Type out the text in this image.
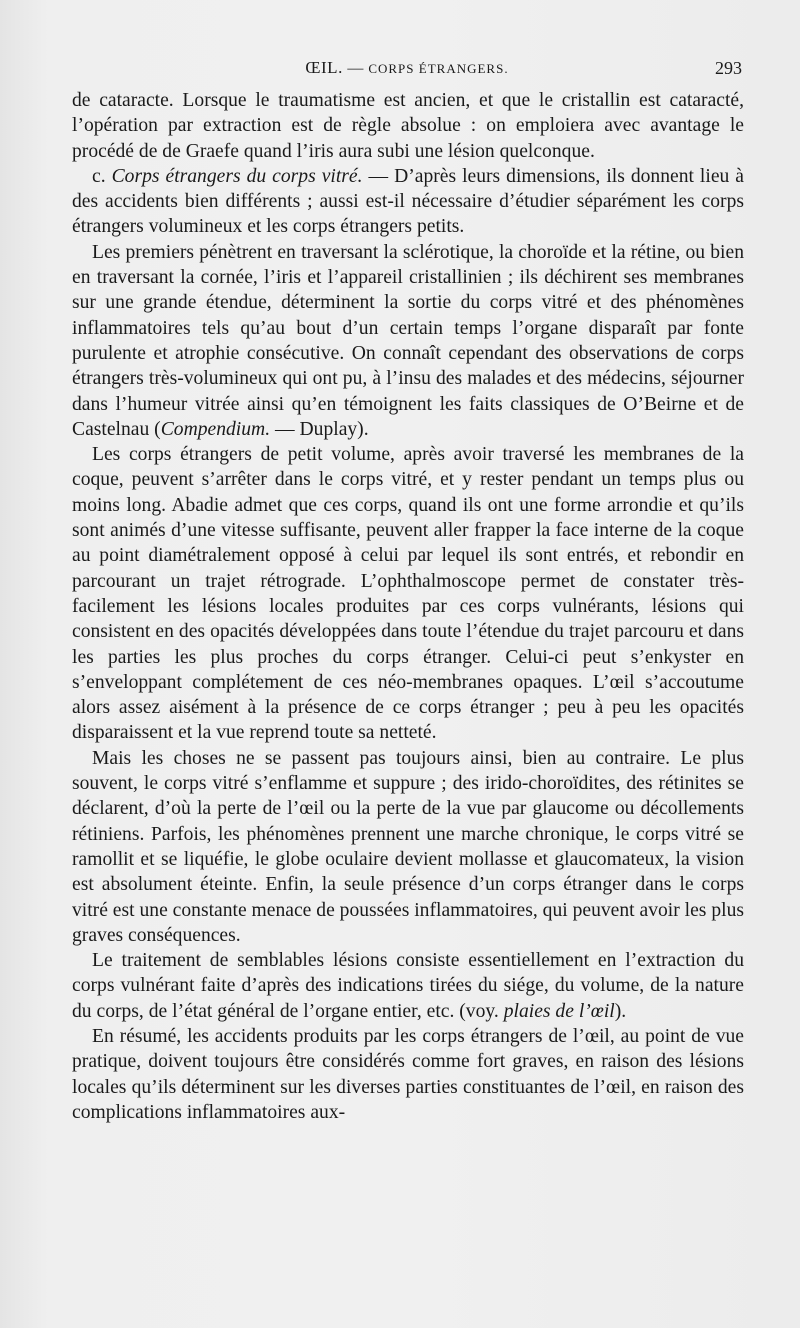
ŒIL. — CORPS ÉTRANGERS.	293

de cataracte. Lorsque le traumatisme est ancien, et que le cristallin est cataracté, l’opération par extraction est de règle absolue : on emploiera avec avantage le procédé de de Graefe quand l’iris aura subi une lésion quelconque.

c. Corps étrangers du corps vitré. — D’après leurs dimensions, ils donnent lieu à des accidents bien différents ; aussi est-il nécessaire d’étudier séparément les corps étrangers volumineux et les corps étrangers petits.

Les premiers pénètrent en traversant la sclérotique, la choroïde et la rétine, ou bien en traversant la cornée, l’iris et l’appareil cristallinien ; ils déchirent ses membranes sur une grande étendue, déterminent la sortie du corps vitré et des phénomènes inflammatoires tels qu’au bout d’un certain temps l’organe disparaît par fonte purulente et atrophie consécutive. On connaît cependant des observations de corps étrangers très-volumineux qui ont pu, à l’insu des malades et des médecins, séjourner dans l’humeur vitrée ainsi qu’en témoignent les faits classiques de O’Beirne et de Castelnau (Compendium. — Duplay).

Les corps étrangers de petit volume, après avoir traversé les membranes de la coque, peuvent s’arrêter dans le corps vitré, et y rester pendant un temps plus ou moins long. Abadie admet que ces corps, quand ils ont une forme arrondie et qu’ils sont animés d’une vitesse suffisante, peuvent aller frapper la face interne de la coque au point diamétralement opposé à celui par lequel ils sont entrés, et rebondir en parcourant un trajet rétrograde. L’ophthalmoscope permet de constater très-facilement les lésions locales produites par ces corps vulnérants, lésions qui consistent en des opacités développées dans toute l’étendue du trajet parcouru et dans les parties les plus proches du corps étranger. Celui-ci peut s’enkyster en s’enveloppant complétement de ces néo-membranes opaques. L’œil s’accoutume alors assez aisément à la présence de ce corps étranger ; peu à peu les opacités disparaissent et la vue reprend toute sa netteté.

Mais les choses ne se passent pas toujours ainsi, bien au contraire. Le plus souvent, le corps vitré s’enflamme et suppure ; des irido-choroïdites, des rétinites se déclarent, d’où la perte de l’œil ou la perte de la vue par glaucome ou décollements rétiniens. Parfois, les phénomènes prennent une marche chronique, le corps vitré se ramollit et se liquéfie, le globe oculaire devient mollasse et glaucomateux, la vision est absolument éteinte. Enfin, la seule présence d’un corps étranger dans le corps vitré est une constante menace de poussées inflammatoires, qui peuvent avoir les plus graves conséquences.

Le traitement de semblables lésions consiste essentiellement en l’extraction du corps vulnérant faite d’après des indications tirées du siége, du volume, de la nature du corps, de l’état général de l’organe entier, etc. (voy. plaies de l’œil).

En résumé, les accidents produits par les corps étrangers de l’œil, au point de vue pratique, doivent toujours être considérés comme fort graves, en raison des lésions locales qu’ils déterminent sur les diverses parties constituantes de l’œil, en raison des complications inflammatoires aux-
